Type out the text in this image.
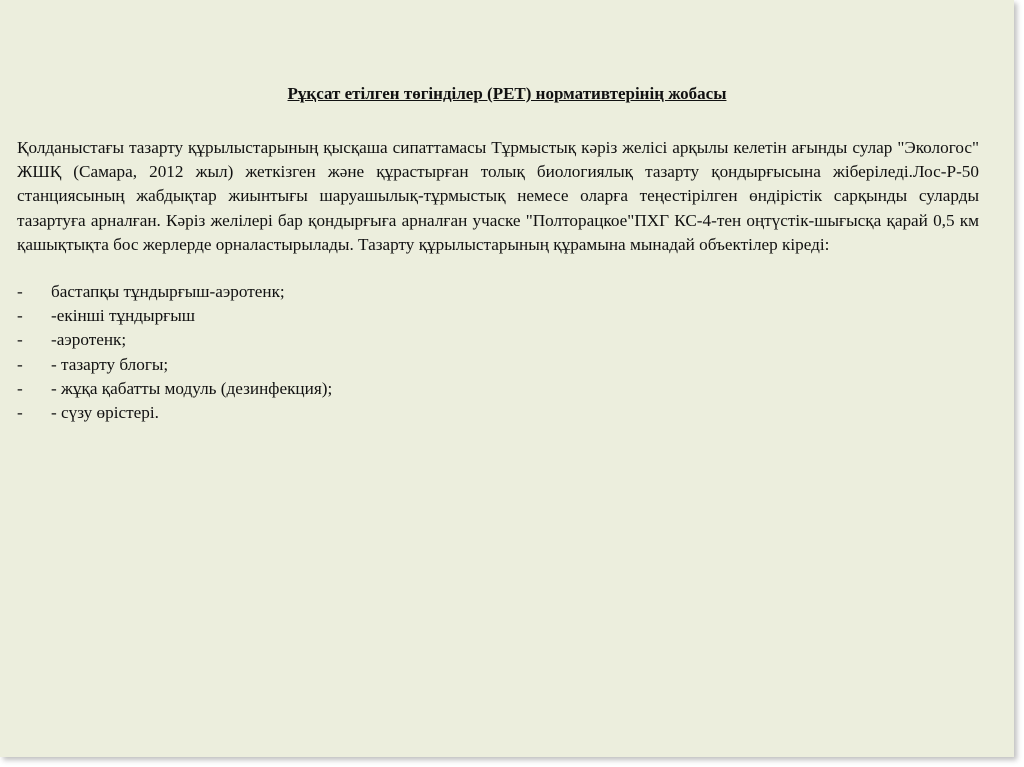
Рұқсат етілген төгінділер (РЕТ) нормативтерінің жобасы

Қолданыстағы тазарту құрылыстарының қысқаша сипаттамасы Тұрмыстық кәріз желісі арқылы келетін ағынды сулар "Экологос" ЖШҚ (Самара, 2012 жыл) жеткізген және құрастырған толық биологиялық тазарту қондырғысына жіберіледі.Лос-Р-50 станциясының жабдықтар жиынтығы шаруашылық-тұрмыстық немесе оларға теңестірілген өндірістік сарқынды суларды тазартуға арналған. Кәріз желілері бар қондырғыға арналған учаске "Полторацкое"ПХГ КС-4-тен оңтүстік-шығысқа қарай 0,5 км қашықтықта бос жерлерде орналастырылады. Тазарту құрылыстарының құрамына мынадай объектілер кіреді:

- бастапқы тұндырғыш-аэротенк;
- -екінші тұндырғыш
- -аэротенк;
- - тазарту блогы;
- - жұқа қабатты модуль (дезинфекция);
- - сүзу өрістері.
